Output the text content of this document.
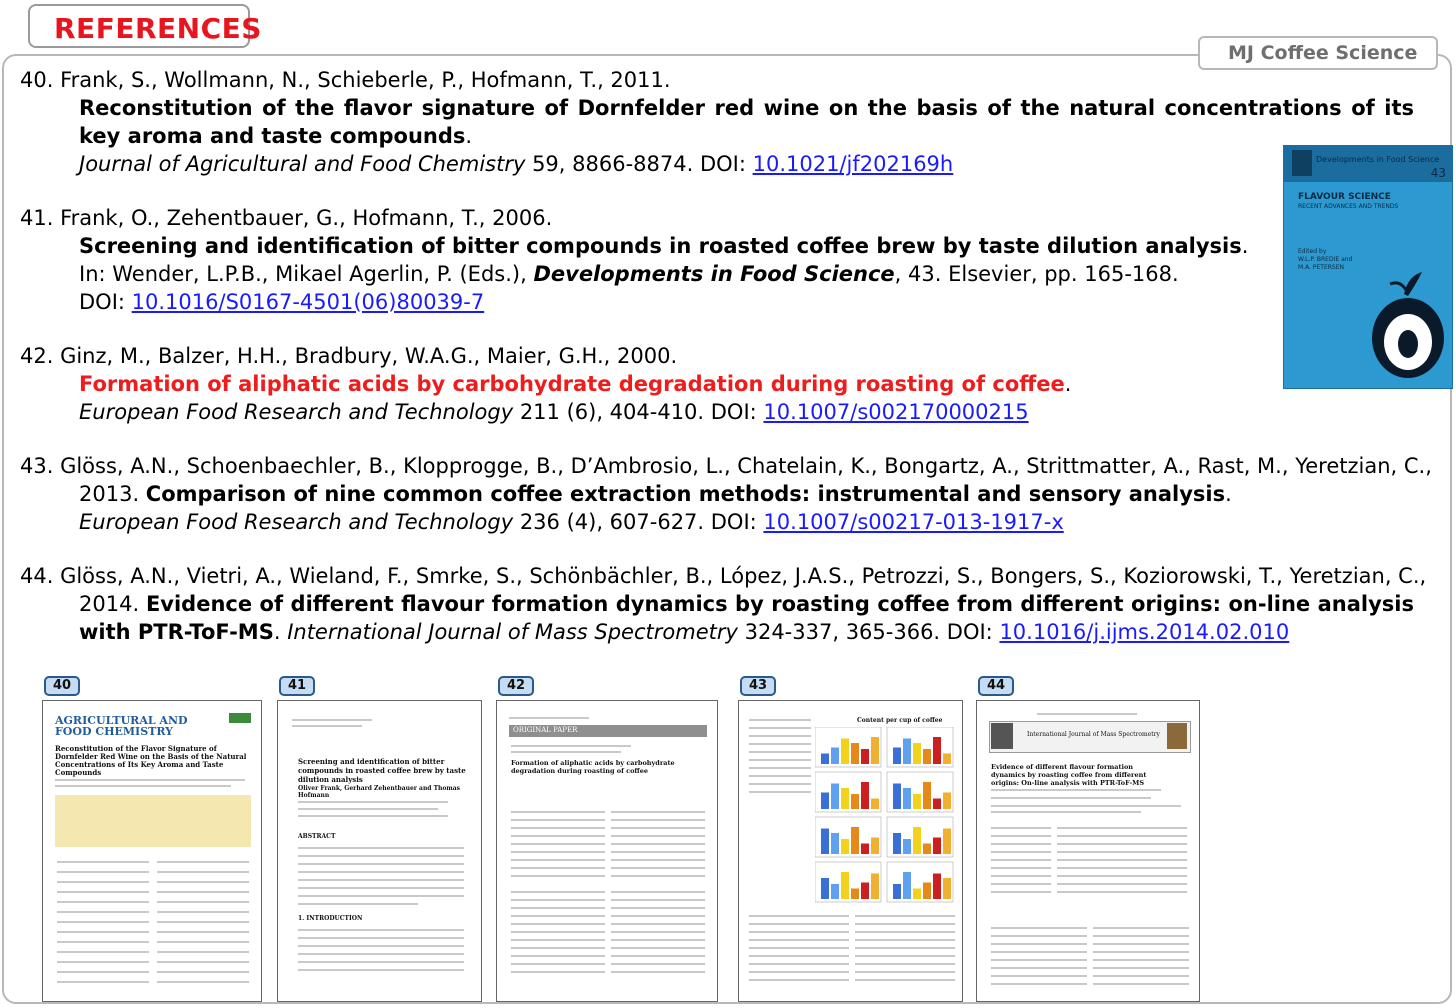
REFERENCES
MJ Coffee Science
40. Frank, S., Wollmann, N., Schieberle, P., Hofmann, T., 2011.
Reconstitution of the flavor signature of Dornfelder red wine on the basis of the natural concentrations of its key aroma and taste compounds.
Journal of Agricultural and Food Chemistry 59, 8866-8874. DOI: 10.1021/jf202169h
41. Frank, O., Zehentbauer, G., Hofmann, T., 2006.
Screening and identification of bitter compounds in roasted coffee brew by taste dilution analysis.
In: Wender, L.P.B., Mikael Agerlin, P. (Eds.), Developments in Food Science, 43. Elsevier, pp. 165-168.
DOI: 10.1016/S0167-4501(06)80039-7
42. Ginz, M., Balzer, H.H., Bradbury, W.A.G., Maier, G.H., 2000.
Formation of aliphatic acids by carbohydrate degradation during roasting of coffee.
European Food Research and Technology 211 (6), 404-410. DOI: 10.1007/s002170000215
43. Glöss, A.N., Schoenbaechler, B., Klopprogge, B., D’Ambrosio, L., Chatelain, K., Bongartz, A., Strittmatter, A., Rast, M., Yeretzian, C.,
2013. Comparison of nine common coffee extraction methods: instrumental and sensory analysis.
European Food Research and Technology 236 (4), 607-627. DOI: 10.1007/s00217-013-1917-x
44. Glöss, A.N., Vietri, A., Wieland, F., Smrke, S., Schönbächler, B., López, J.A.S., Petrozzi, S., Bongers, S., Koziorowski, T., Yeretzian, C.,
2014. Evidence of different flavour formation dynamics by roasting coffee from different origins: on-line analysis with PTR-ToF-MS. International Journal of Mass Spectrometry 324-337, 365-366. DOI: 10.1016/j.ijms.2014.02.010
Developments in Food Science
43
FLAVOUR SCIENCE
RECENT ADVANCES AND TRENDS
Edited by
W.L.P. BREDIE and
M.A. PETERSEN
40
AGRICULTURAL AND FOOD CHEMISTRY
Reconstitution of the Flavor Signature of Dornfelder Red Wine on the Basis of the Natural Concentrations of Its Key Aroma and Taste Compounds
41
Screening and identification of bitter compounds in roasted coffee brew by taste dilution analysis
Oliver Frank, Gerhard Zehentbauer and Thomas Hofmann
ABSTRACT
1. INTRODUCTION
42
ORIGINAL PAPER
Formation of aliphatic acids by carbohydrate degradation during roasting of coffee
43
Content per cup of coffee
44
International Journal of Mass Spectrometry
Evidence of different flavour formation dynamics by roasting coffee from different origins: On-line analysis with PTR-ToF-MS
